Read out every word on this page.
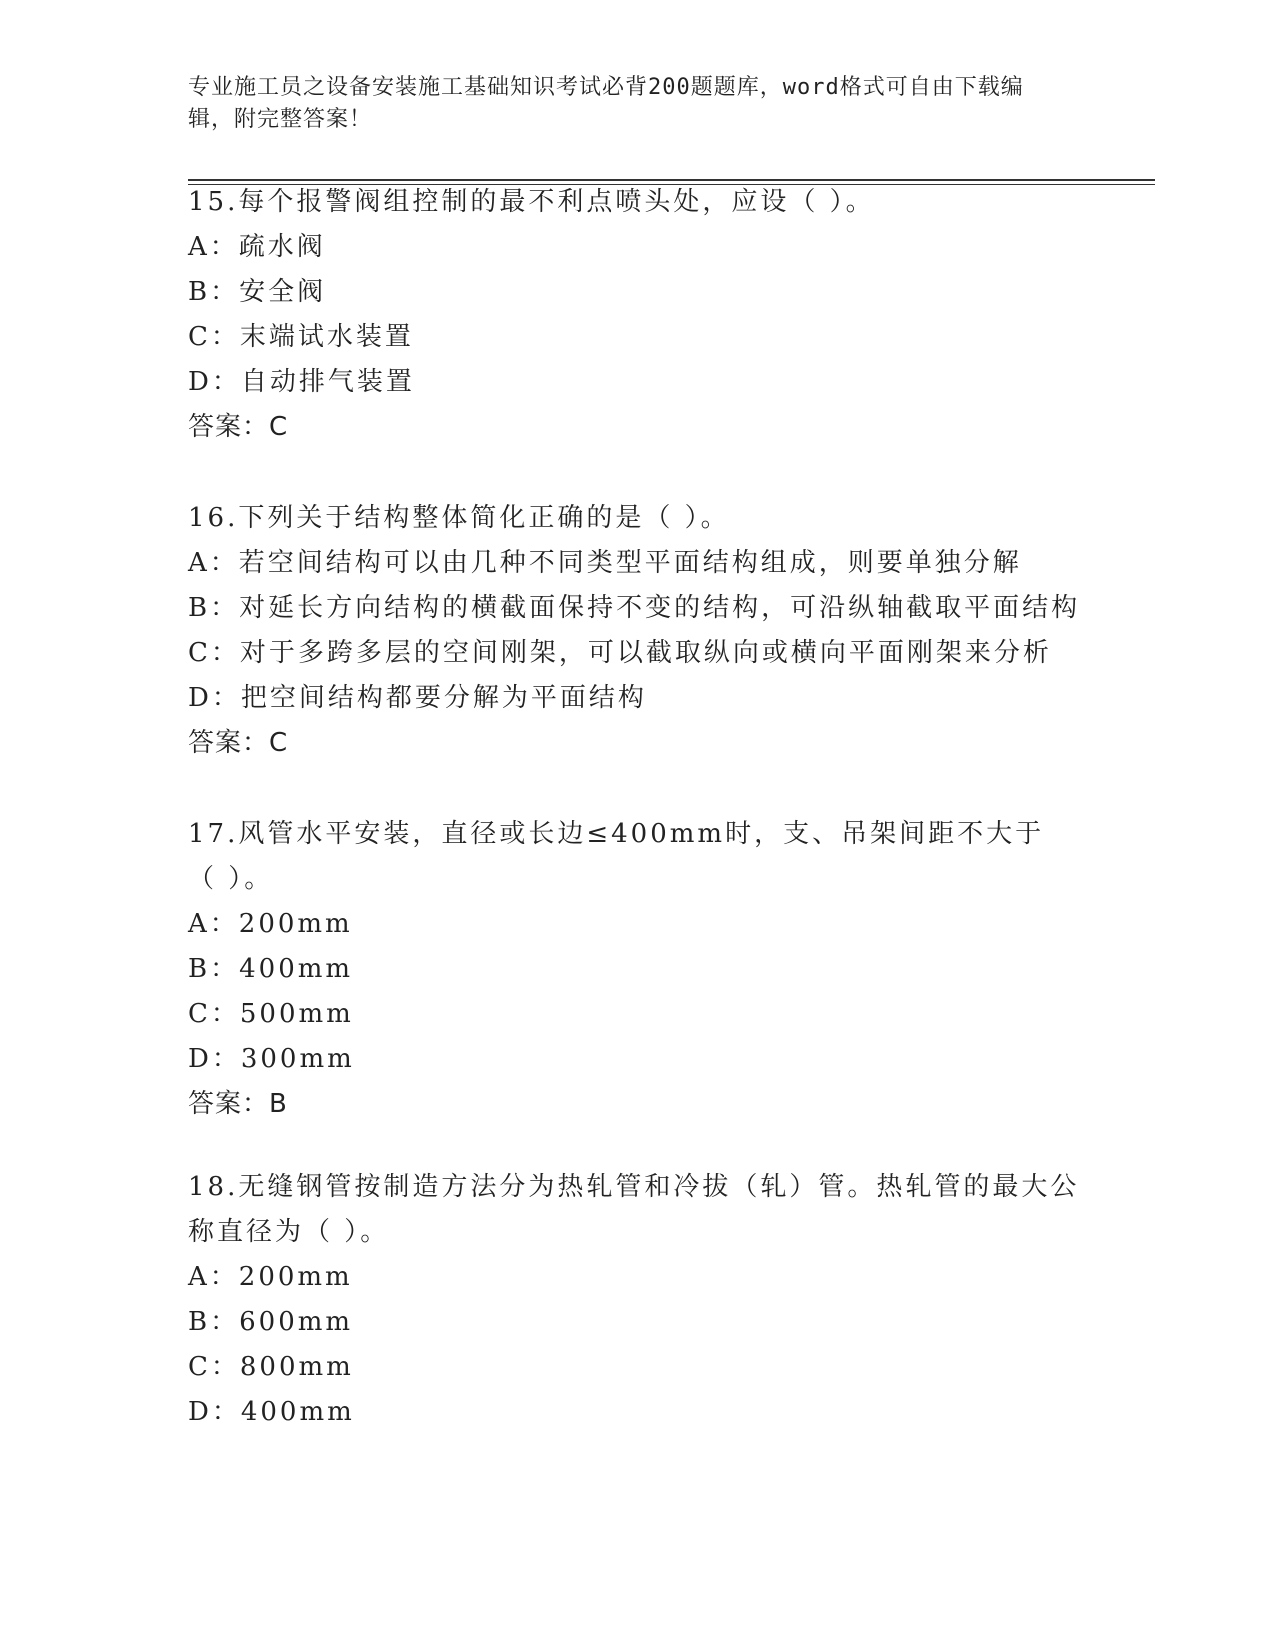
专业施工员之设备安装施工基础知识考试必背200题题库，word格式可自由下载编辑，附完整答案！
15.每个报警阀组控制的最不利点喷头处，应设（ ）。
A：疏水阀
B：安全阀
C：末端试水装置
D：自动排气装置
答案：C
16.下列关于结构整体简化正确的是（ ）。
A：若空间结构可以由几种不同类型平面结构组成，则要单独分解
B：对延长方向结构的横截面保持不变的结构，可沿纵轴截取平面结构
C：对于多跨多层的空间刚架，可以截取纵向或横向平面刚架来分析
D：把空间结构都要分解为平面结构
答案：C
17.风管水平安装，直径或长边≤400mm时，支、吊架间距不大于（ ）。
A：200mm
B：400mm
C：500mm
D：300mm
答案：B
18.无缝钢管按制造方法分为热轧管和冷拔（轧）管。热轧管的最大公称直径为（ ）。
A：200mm
B：600mm
C：800mm
D：400mm
